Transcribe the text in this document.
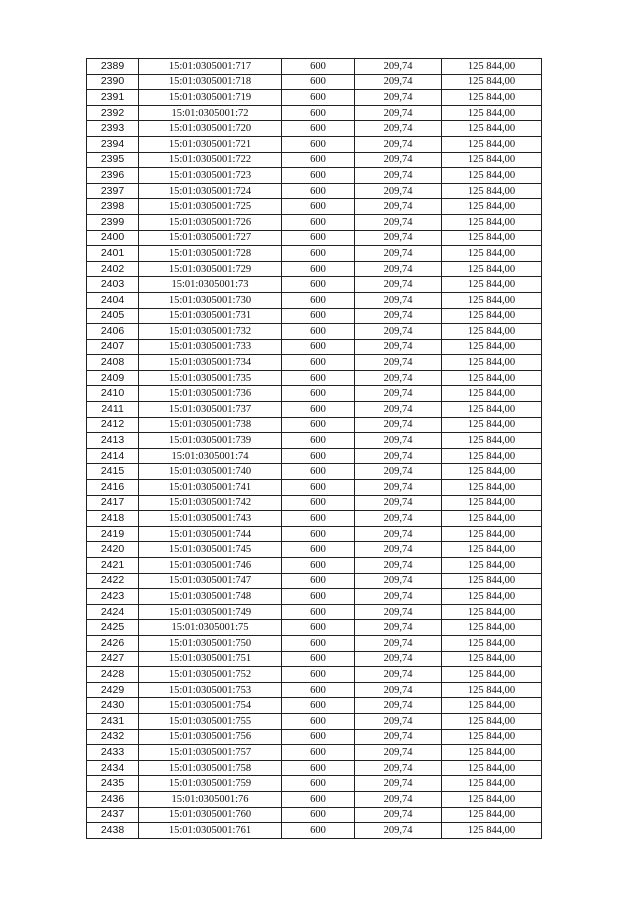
2389	15:01:0305001:717	600	209,74	125 844,00
2390	15:01:0305001:718	600	209,74	125 844,00
2391	15:01:0305001:719	600	209,74	125 844,00
2392	15:01:0305001:72	600	209,74	125 844,00
2393	15:01:0305001:720	600	209,74	125 844,00
2394	15:01:0305001:721	600	209,74	125 844,00
2395	15:01:0305001:722	600	209,74	125 844,00
2396	15:01:0305001:723	600	209,74	125 844,00
2397	15:01:0305001:724	600	209,74	125 844,00
2398	15:01:0305001:725	600	209,74	125 844,00
2399	15:01:0305001:726	600	209,74	125 844,00
2400	15:01:0305001:727	600	209,74	125 844,00
2401	15:01:0305001:728	600	209,74	125 844,00
2402	15:01:0305001:729	600	209,74	125 844,00
2403	15:01:0305001:73	600	209,74	125 844,00
2404	15:01:0305001:730	600	209,74	125 844,00
2405	15:01:0305001:731	600	209,74	125 844,00
2406	15:01:0305001:732	600	209,74	125 844,00
2407	15:01:0305001:733	600	209,74	125 844,00
2408	15:01:0305001:734	600	209,74	125 844,00
2409	15:01:0305001:735	600	209,74	125 844,00
2410	15:01:0305001:736	600	209,74	125 844,00
2411	15:01:0305001:737	600	209,74	125 844,00
2412	15:01:0305001:738	600	209,74	125 844,00
2413	15:01:0305001:739	600	209,74	125 844,00
2414	15:01:0305001:74	600	209,74	125 844,00
2415	15:01:0305001:740	600	209,74	125 844,00
2416	15:01:0305001:741	600	209,74	125 844,00
2417	15:01:0305001:742	600	209,74	125 844,00
2418	15:01:0305001:743	600	209,74	125 844,00
2419	15:01:0305001:744	600	209,74	125 844,00
2420	15:01:0305001:745	600	209,74	125 844,00
2421	15:01:0305001:746	600	209,74	125 844,00
2422	15:01:0305001:747	600	209,74	125 844,00
2423	15:01:0305001:748	600	209,74	125 844,00
2424	15:01:0305001:749	600	209,74	125 844,00
2425	15:01:0305001:75	600	209,74	125 844,00
2426	15:01:0305001:750	600	209,74	125 844,00
2427	15:01:0305001:751	600	209,74	125 844,00
2428	15:01:0305001:752	600	209,74	125 844,00
2429	15:01:0305001:753	600	209,74	125 844,00
2430	15:01:0305001:754	600	209,74	125 844,00
2431	15:01:0305001:755	600	209,74	125 844,00
2432	15:01:0305001:756	600	209,74	125 844,00
2433	15:01:0305001:757	600	209,74	125 844,00
2434	15:01:0305001:758	600	209,74	125 844,00
2435	15:01:0305001:759	600	209,74	125 844,00
2436	15:01:0305001:76	600	209,74	125 844,00
2437	15:01:0305001:760	600	209,74	125 844,00
2438	15:01:0305001:761	600	209,74	125 844,00
